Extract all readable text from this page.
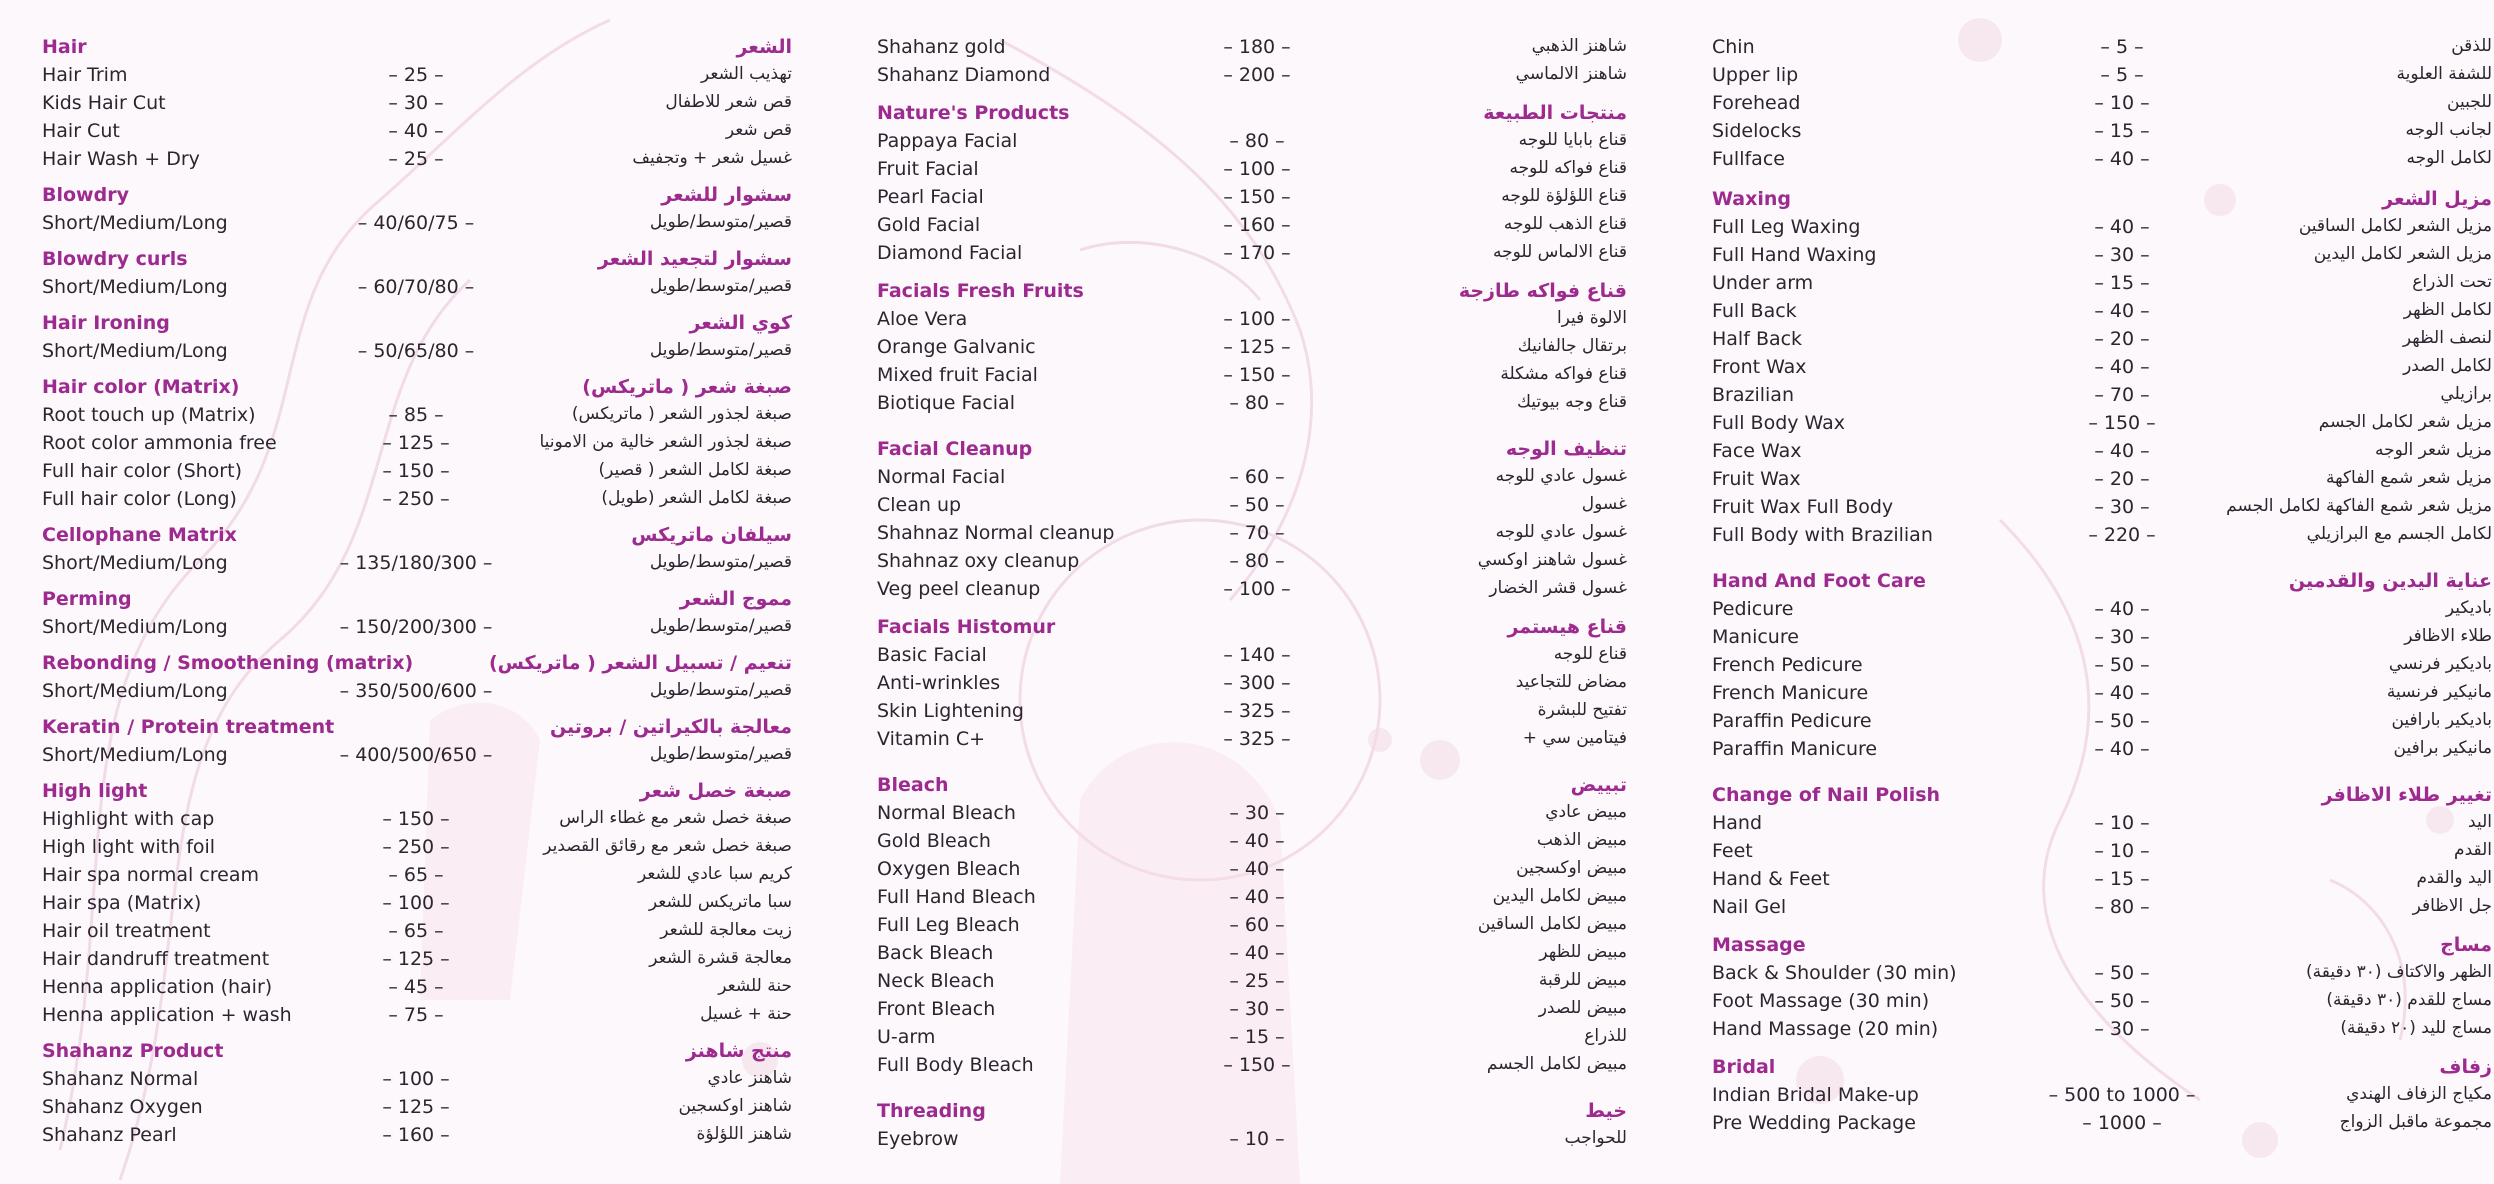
Hair	الشعر
Hair Trim	– 25 –	تهذيب الشعر
Kids Hair Cut	– 30 –	قص شعر للاطفال
Hair Cut	– 40 –	قص شعر
Hair Wash + Dry	– 25 –	غسيل شعر + وتجفيف
Blowdry	سشوار للشعر
Short/Medium/Long	– 40/60/75 –	قصير/متوسط/طويل
Blowdry curls	سشوار لتجعيد الشعر
Short/Medium/Long	– 60/70/80 –	قصير/متوسط/طويل
Hair Ironing	كوي الشعر
Short/Medium/Long	– 50/65/80 –	قصير/متوسط/طويل
Hair color (Matrix)	صبغة شعر ( ماتريكس)
Root touch up (Matrix)	– 85 –	صبغة لجذور الشعر ( ماتريكس)
Root color ammonia free	– 125 –	صبغة لجذور الشعر خالية من الامونيا
Full hair color (Short)	– 150 –	صبغة لكامل الشعر ( قصير)
Full hair color (Long)	– 250 –	صبغة لكامل الشعر (طويل)
Cellophane Matrix	سيلفان ماتريكس
Short/Medium/Long	– 135/180/300 –	قصير/متوسط/طويل
Perming	مموج الشعر
Short/Medium/Long	– 150/200/300 –	قصير/متوسط/طويل
Rebonding / Smoothening (matrix)	تنعيم / تسبيل الشعر ( ماتريكس)
Short/Medium/Long	– 350/500/600 –	قصير/متوسط/طويل
Keratin / Protein treatment	معالجة بالكيراتين / بروتين
Short/Medium/Long	– 400/500/650 –	قصير/متوسط/طويل
High light	صبغة خصل شعر
Highlight with cap	– 150 –	صبغة خصل شعر مع غطاء الراس
High light with foil	– 250 –	صبغة خصل شعر مع رقائق القصدير
Hair spa normal cream	– 65 –	كريم سبا عادي للشعر
Hair spa (Matrix)	– 100 –	سبا ماتريكس للشعر
Hair oil treatment	– 65 –	زيت معالجة للشعر
Hair dandruff treatment	– 125 –	معالجة قشرة الشعر
Henna application (hair)	– 45 –	حنة للشعر
Henna application + wash	– 75 –	حنة + غسيل
Shahanz Product	منتج شاهنز
Shahanz Normal	– 100 –	شاهنز عادي
Shahanz Oxygen	– 125 –	شاهنز اوكسجين
Shahanz Pearl	– 160 –	شاهنز اللؤلؤة
Shahanz gold	– 180 –	شاهنز الذهبي
Shahanz Diamond	– 200 –	شاهنز الالماسي
Nature's Products	منتجات الطبيعة
Pappaya Facial	– 80 –	قناع بابايا للوجه
Fruit Facial	– 100 –	قناع فواكه للوجه
Pearl Facial	– 150 –	قناع اللؤلؤة للوجه
Gold Facial	– 160 –	قناع الذهب للوجه
Diamond Facial	– 170 –	قناع الالماس للوجه
Facials Fresh Fruits	قناع فواكه طازجة
Aloe Vera	– 100 –	الالوة فيرا
Orange Galvanic	– 125 –	برتقال جالفانيك
Mixed fruit Facial	– 150 –	قناع فواكه مشكلة
Biotique Facial	– 80 –	قناع وجه بيوتيك
Facial Cleanup	تنظيف الوجه
Normal Facial	– 60 –	غسول عادي للوجه
Clean up	– 50 –	غسول
Shahnaz Normal cleanup	– 70 –	غسول عادي للوجه
Shahnaz oxy cleanup	– 80 –	غسول شاهنز اوكسي
Veg peel cleanup	– 100 –	غسول قشر الخضار
Facials Histomur	قناع هيستمر
Basic Facial	– 140 –	قناع للوجه
Anti-wrinkles	– 300 –	مضاض للتجاعيد
Skin Lightening	– 325 –	تفتيح للبشرة
Vitamin C+	– 325 –	فيتامين سي +
Bleach	تبييض
Normal Bleach	– 30 –	مبيض عادي
Gold Bleach	– 40 –	مبيض الذهب
Oxygen Bleach	– 40 –	مبيض اوكسجين
Full Hand Bleach	– 40 –	مبيض لكامل اليدين
Full Leg Bleach	– 60 –	مبيض لكامل الساقين
Back Bleach	– 40 –	مبيض للظهر
Neck Bleach	– 25 –	مبيض للرقبة
Front Bleach	– 30 –	مبيض للصدر
U-arm	– 15 –	للذراع
Full Body Bleach	– 150 –	مبيض لكامل الجسم
Threading	خيط
Eyebrow	– 10 –	للحواجب
Chin	– 5 –	للذقن
Upper lip	– 5 –	للشفة العلوية
Forehead	– 10 –	للجبين
Sidelocks	– 15 –	لجانب الوجه
Fullface	– 40 –	لكامل الوجه
Waxing	مزيل الشعر
Full Leg Waxing	– 40 –	مزيل الشعر لكامل الساقين
Full Hand Waxing	– 30 –	مزيل الشعر لكامل اليدين
Under arm	– 15 –	تحت الذراع
Full Back	– 40 –	لكامل الظهر
Half Back	– 20 –	لنصف الظهر
Front Wax	– 40 –	لكامل الصدر
Brazilian	– 70 –	برازيلي
Full Body Wax	– 150 –	مزيل شعر لكامل الجسم
Face Wax	– 40 –	مزيل شعر الوجه
Fruit Wax	– 20 –	مزيل شعر شمع الفاكهة
Fruit Wax Full Body	– 30 –	مزيل شعر شمع الفاكهة لكامل الجسم
Full Body with Brazilian	– 220 –	لكامل الجسم مع البرازيلي
Hand And Foot Care	عناية اليدين والقدمين
Pedicure	– 40 –	باديكير
Manicure	– 30 –	طلاء الاظافر
French Pedicure	– 50 –	باديكير فرنسي
French Manicure	– 40 –	مانيكير فرنسية
Paraffin Pedicure	– 50 –	باديكير بارافين
Paraffin Manicure	– 40 –	مانيكير برافين
Change of Nail Polish	تغيير طلاء الاظافر
Hand	– 10 –	اليد
Feet	– 10 –	القدم
Hand & Feet	– 15 –	اليد والقدم
Nail Gel	– 80 –	جل الاظافر
Massage	مساج
Back & Shoulder (30 min)	– 50 –	الظهر والاكتاف (٣٠ دقيقة)
Foot Massage (30 min)	– 50 –	مساج للقدم (٣٠ دقيقة)
Hand Massage (20 min)	– 30 –	مساج لليد (٢٠ دقيقة)
Bridal	زفاف
Indian Bridal Make-up	– 500 to 1000 –	مكياج الزفاف الهندي
Pre Wedding Package	– 1000 –	مجموعة ماقبل الزواج
